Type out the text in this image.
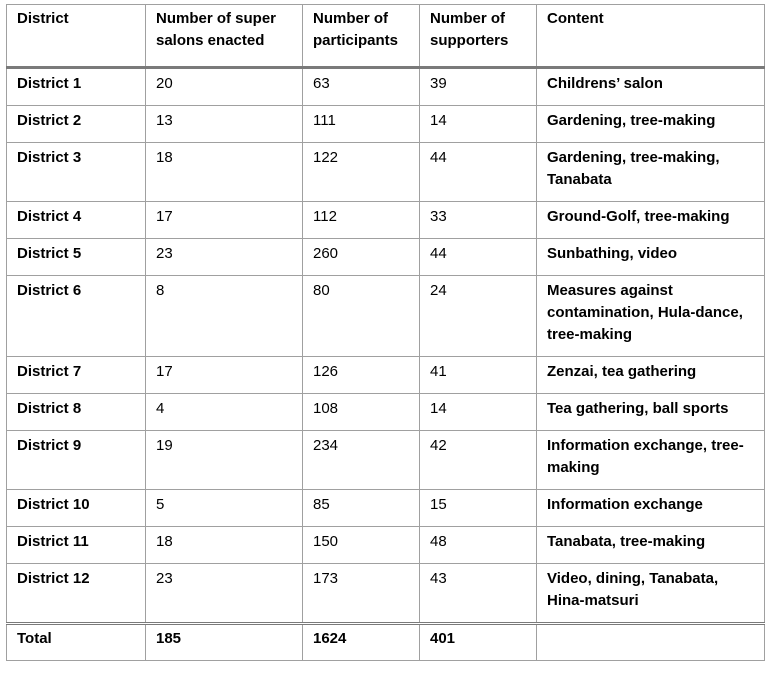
District	Number of super salons enacted	Number of participants	Number of supporters	Content
District 1	20	63	39	Childrens’ salon
District 2	13	111	14	Gardening, tree-making
District 3	18	122	44	Gardening, tree-making, Tanabata
District 4	17	112	33	Ground-Golf, tree-making
District 5	23	260	44	Sunbathing, video
District 6	8	80	24	Measures against contamination, Hula-dance, tree-making
District 7	17	126	41	Zenzai, tea gathering
District 8	4	108	14	Tea gathering, ball sports
District 9	19	234	42	Information exchange, tree-making
District 10	5	85	15	Information exchange
District 11	18	150	48	Tanabata, tree-making
District 12	23	173	43	Video, dining, Tanabata, Hina-matsuri
Total	185	1624	401	
